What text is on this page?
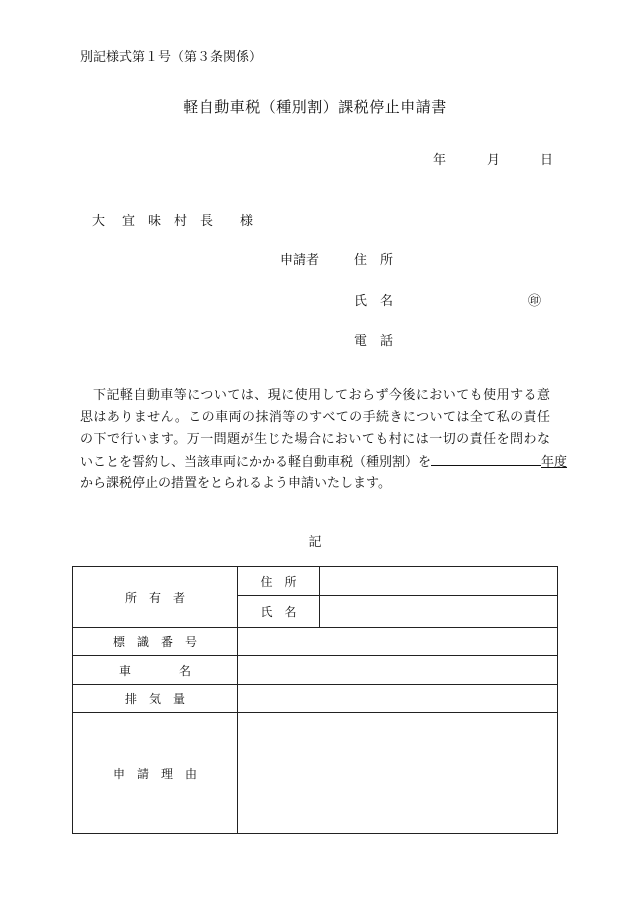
別記様式第１号（第３条関係）
軽自動車税（種別割）課税停止申請書
年	月	日
大 宜 味 村 長 様
申請者	住 所
氏 名	㊞
電 話
下記軽自動車等については、現に使用しておらず今後においても使用する意
思はありません。この車両の抹消等のすべての手続きについては全て私の責任
の下で行います。万一問題が生じた場合においても村には一切の責任を問わな
いことを誓約し、当該車両にかかる軽自動車税（種別割）を	年度
から課税停止の措置をとられるよう申請いたします。
記
所　有　者	住　所	
	氏　名	
標　識　番　号		
車　　　　名		
排　気　量		
申　請　理　由		
